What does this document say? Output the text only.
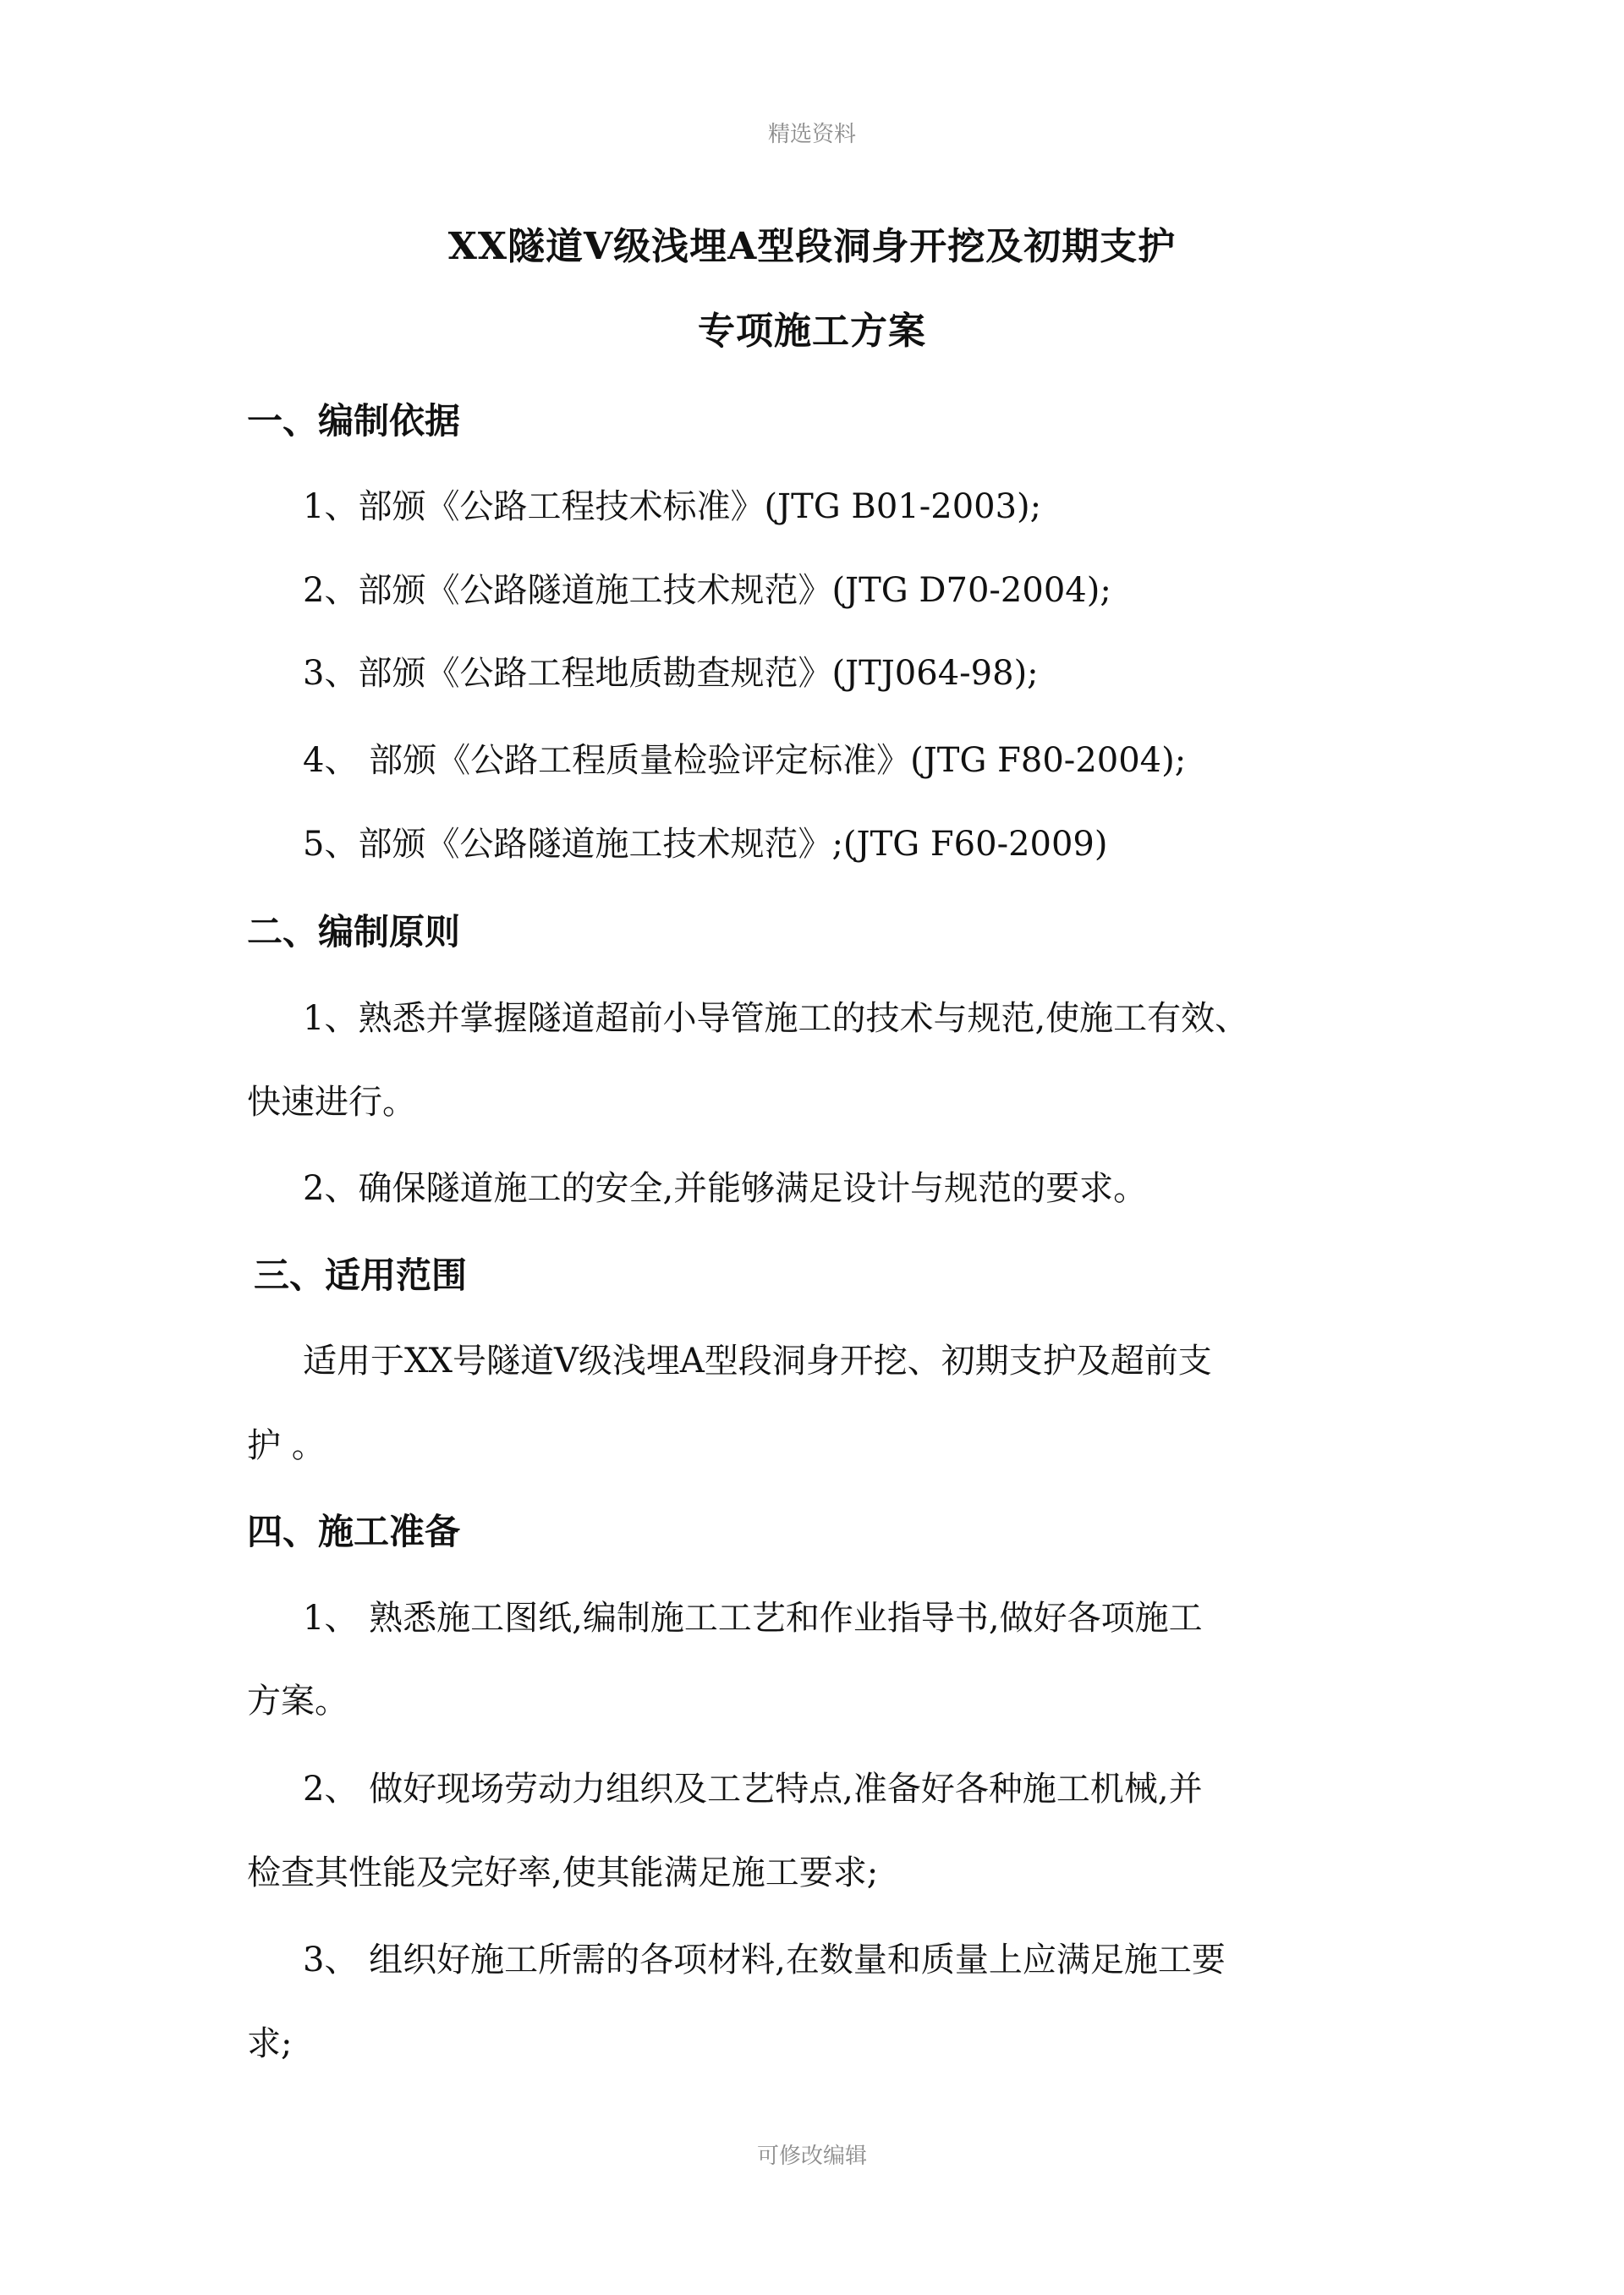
精选资料
XX隧道Ⅴ级浅埋A型段洞身开挖及初期支护
专项施工方案
一、编制依据
1、部颁《公路工程技术标准》(JTG B01-2003);
2、部颁《公路隧道施工技术规范》(JTG D70-2004);
3、部颁《公路工程地质勘查规范》(JTJ064-98);
4、 部颁《公路工程质量检验评定标准》(JTG F80-2004);
5、部颁《公路隧道施工技术规范》;(JTG F60-2009)
二、编制原则
1、熟悉并掌握隧道超前小导管施工的技术与规范,使施工有效、
快速进行。
2、确保隧道施工的安全,并能够满足设计与规范的要求。
三、适用范围
适用于XX号隧道Ⅴ级浅埋A型段洞身开挖、初期支护及超前支
护 。
四、施工准备
1、 熟悉施工图纸,编制施工工艺和作业指导书,做好各项施工
方案。
2、 做好现场劳动力组织及工艺特点,准备好各种施工机械,并
检查其性能及完好率,使其能满足施工要求;
3、 组织好施工所需的各项材料,在数量和质量上应满足施工要
求;
可修改编辑
